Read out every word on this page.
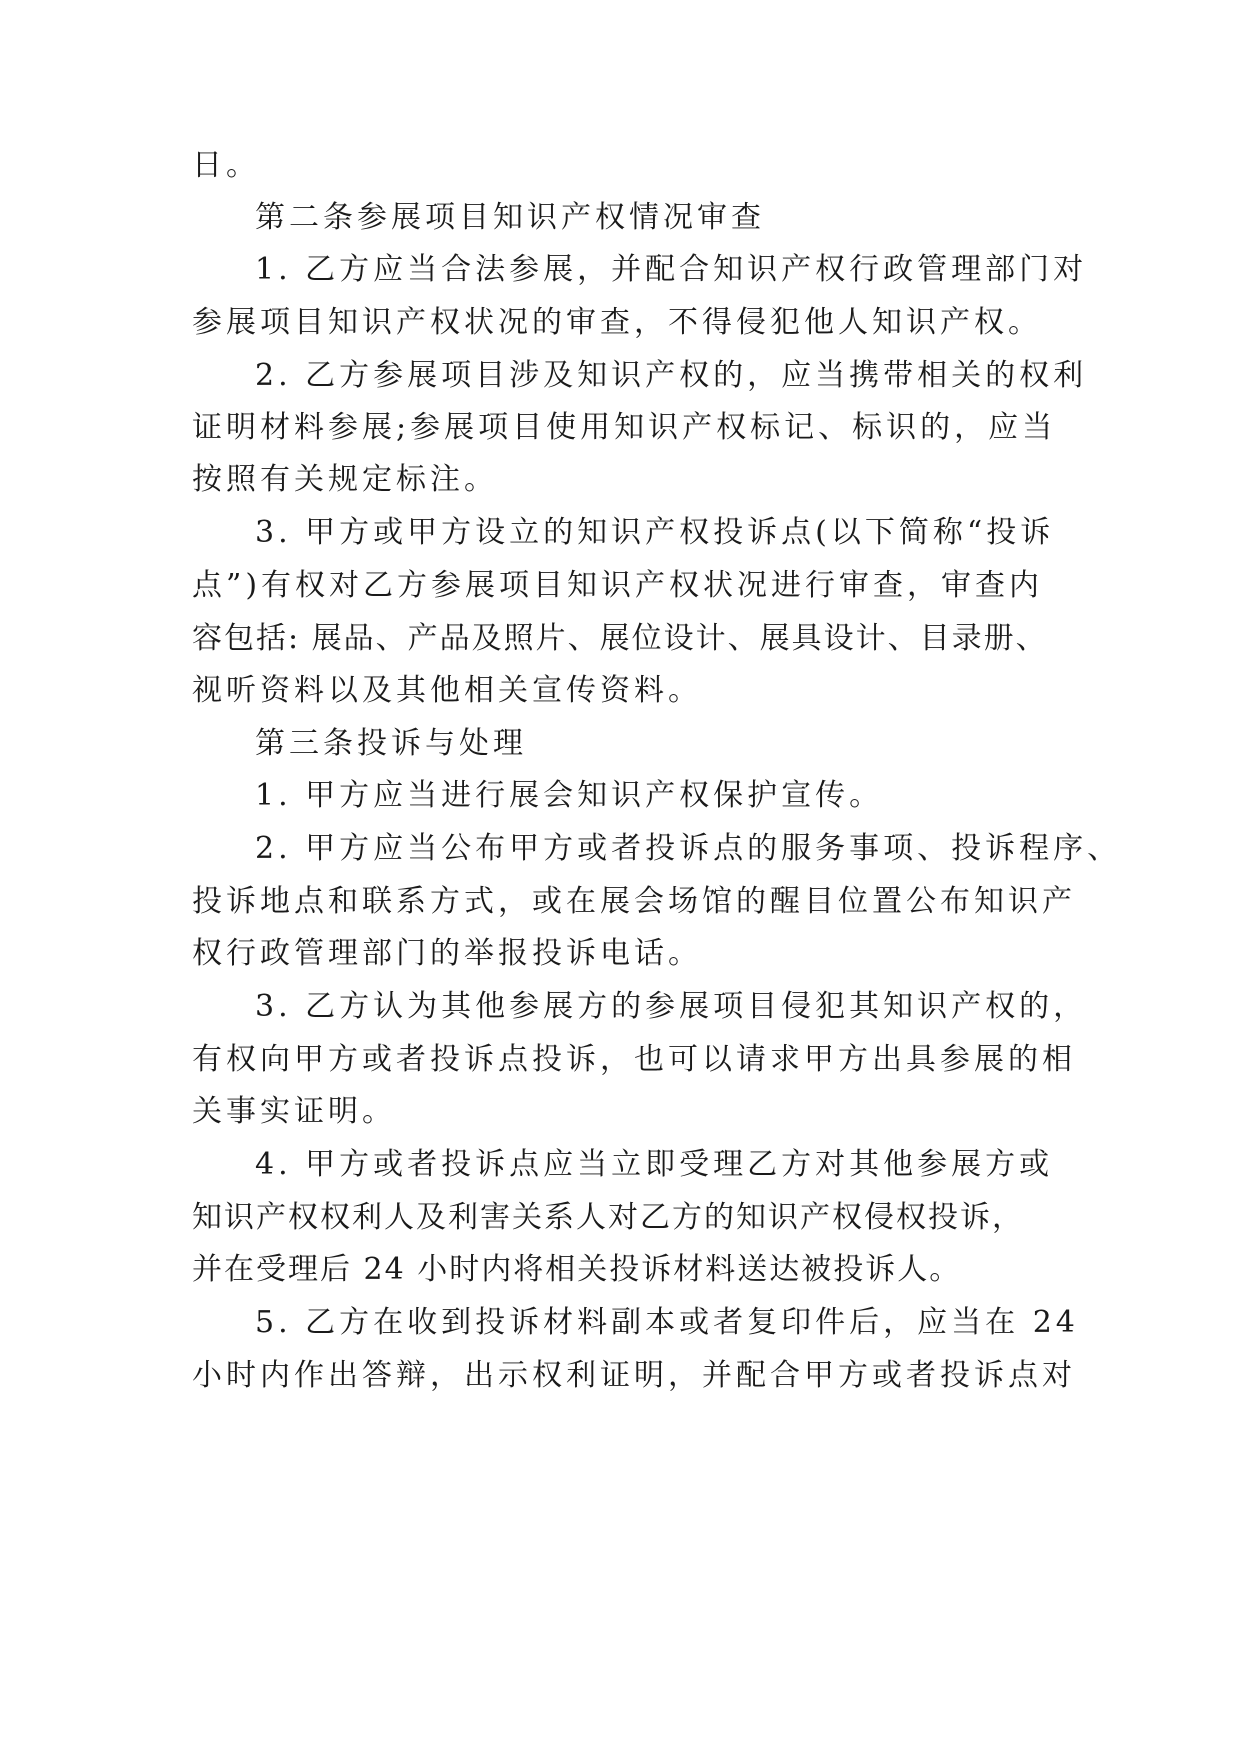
日。
第二条参展项目知识产权情况审查
1. 乙方应当合法参展，并配合知识产权行政管理部门对
参展项目知识产权状况的审查，不得侵犯他人知识产权。
2. 乙方参展项目涉及知识产权的，应当携带相关的权利
证明材料参展;参展项目使用知识产权标记、标识的，应当
按照有关规定标注。
3. 甲方或甲方设立的知识产权投诉点(以下简称“投诉
点”)有权对乙方参展项目知识产权状况进行审查，审查内
容包括: 展品、产品及照片、展位设计、展具设计、目录册、
视听资料以及其他相关宣传资料。
第三条投诉与处理
1. 甲方应当进行展会知识产权保护宣传。
2. 甲方应当公布甲方或者投诉点的服务事项、投诉程序、
投诉地点和联系方式，或在展会场馆的醒目位置公布知识产
权行政管理部门的举报投诉电话。
3. 乙方认为其他参展方的参展项目侵犯其知识产权的，
有权向甲方或者投诉点投诉，也可以请求甲方出具参展的相
关事实证明。
4. 甲方或者投诉点应当立即受理乙方对其他参展方或
知识产权权利人及利害关系人对乙方的知识产权侵权投诉，
并在受理后 24 小时内将相关投诉材料送达被投诉人。
5. 乙方在收到投诉材料副本或者复印件后，应当在 24
小时内作出答辩，出示权利证明，并配合甲方或者投诉点对
